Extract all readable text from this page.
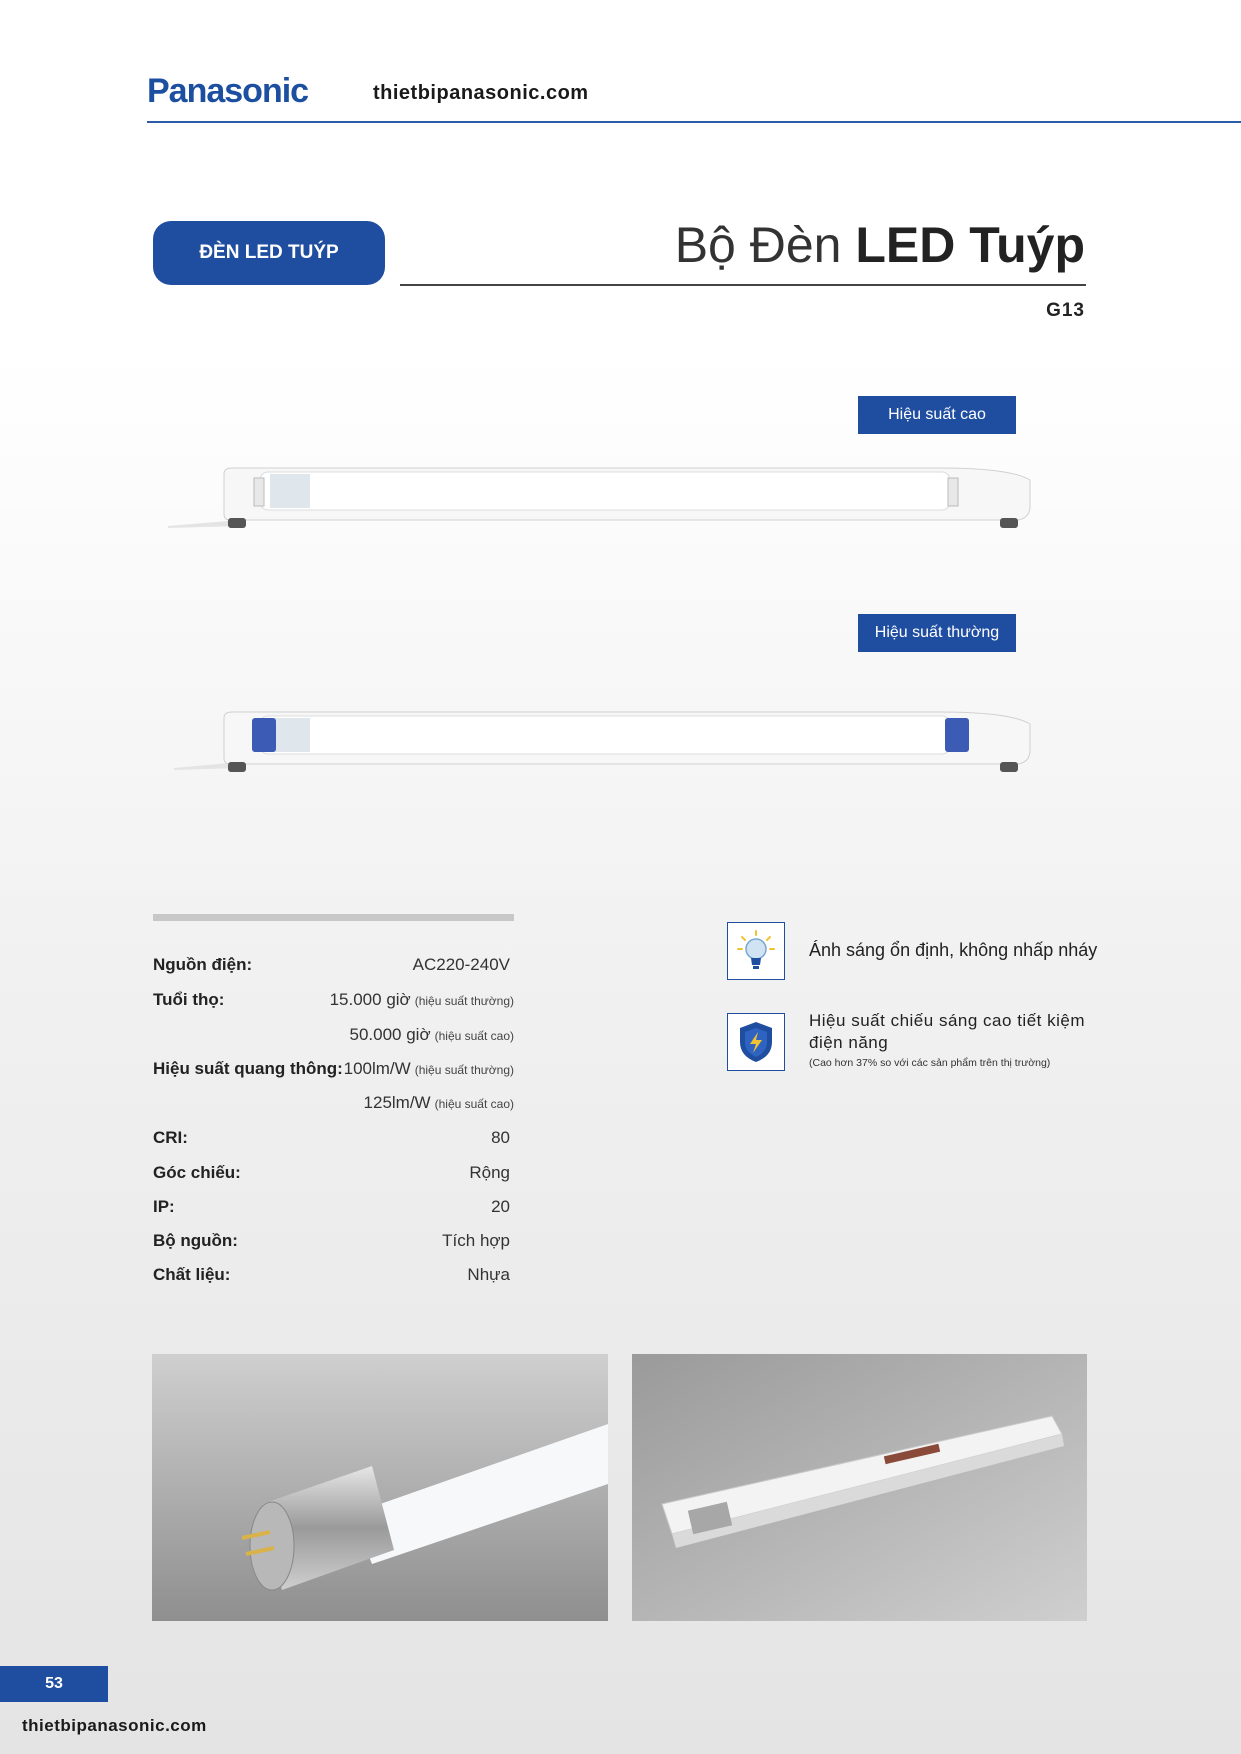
Panasonic	thietbipanasonic.com
ĐÈN LED TUÝP	Bộ Đèn LED Tuýp
G13
Hiệu suất cao
Hiệu suất thường
Nguồn điện:	AC220-240V
Tuổi thọ:	15.000 giờ (hiệu suất thường)
50.000 giờ (hiệu suất cao)
Hiệu suất quang thông: 100lm/W (hiệu suất thường)
125lm/W (hiệu suất cao)
CRI:	80
Góc chiếu:	Rộng
IP:	20
Bộ nguồn:	Tích hợp
Chất liệu:	Nhựa
Ánh sáng ổn định, không nhấp nháy
Hiệu suất chiếu sáng cao tiết kiệm điện năng
(Cao hơn 37% so với các sản phẩm trên thị trường)
53
thietbipanasonic.com
